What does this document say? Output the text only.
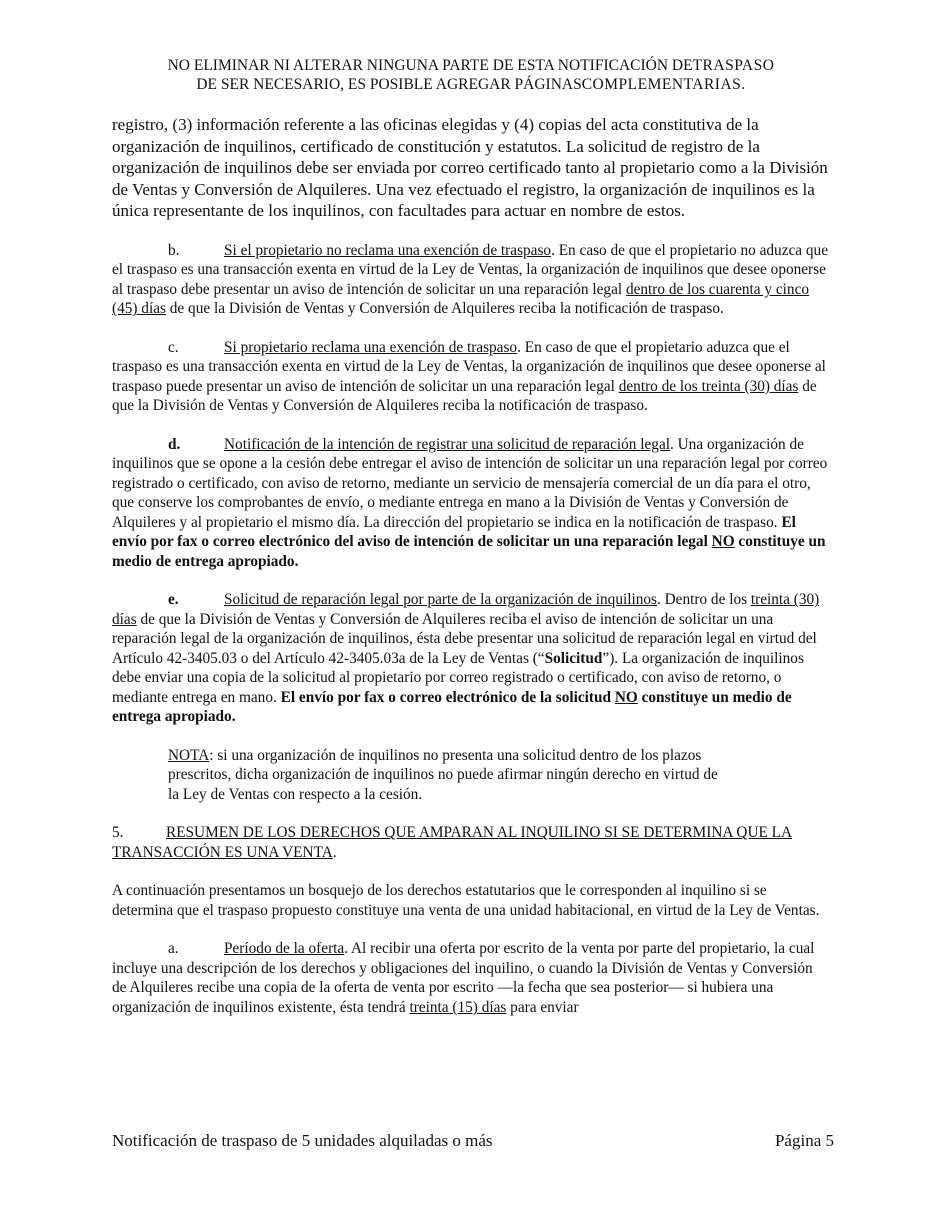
NO ELIMINAR NI ALTERAR NINGUNA PARTE DE ESTA NOTIFICACIÓN DETRASPASO
DE SER NECESARIO, ES POSIBLE AGREGAR PÁGINASCOMPLEMENTARIAS.

registro, (3) información referente a las oficinas elegidas y (4) copias del acta constitutiva de la organización de inquilinos, certificado de constitución y estatutos. La solicitud de registro de la organización de inquilinos debe ser enviada por correo certificado tanto al propietario como a la División de Ventas y Conversión de Alquileres. Una vez efectuado el registro, la organización de inquilinos es la única representante de los inquilinos, con facultades para actuar en nombre de estos.

b.	Si el propietario no reclama una exención de traspaso. En caso de que el propietario no aduzca que el traspaso es una transacción exenta en virtud de la Ley de Ventas, la organización de inquilinos que desee oponerse al traspaso debe presentar un aviso de intención de solicitar un una reparación legal dentro de los cuarenta y cinco (45) días de que la División de Ventas y Conversión de Alquileres reciba la notificación de traspaso.

c.	Si propietario reclama una exención de traspaso. En caso de que el propietario aduzca que el traspaso es una transacción exenta en virtud de la Ley de Ventas, la organización de inquilinos que desee oponerse al traspaso puede presentar un aviso de intención de solicitar un una reparación legal dentro de los treinta (30) días de que la División de Ventas y Conversión de Alquileres reciba la notificación de traspaso.

d.	Notificación de la intención de registrar una solicitud de reparación legal. Una organización de inquilinos que se opone a la cesión debe entregar el aviso de intención de solicitar un una reparación legal por correo registrado o certificado, con aviso de retorno, mediante un servicio de mensajería comercial de un día para el otro, que conserve los comprobantes de envío, o mediante entrega en mano a la División de Ventas y Conversión de Alquileres y al propietario el mismo día. La dirección del propietario se indica en la notificación de traspaso. El envío por fax o correo electrónico del aviso de intención de solicitar un una reparación legal NO constituye un medio de entrega apropiado.

e.	Solicitud de reparación legal por parte de la organización de inquilinos. Dentro de los treinta (30) días de que la División de Ventas y Conversión de Alquileres reciba el aviso de intención de solicitar un una reparación legal de la organización de inquilinos, ésta debe presentar una solicitud de reparación legal en virtud del Artículo 42-3405.03 o del Artículo 42-3405.03a de la Ley de Ventas (“Solicitud”). La organización de inquilinos debe enviar una copia de la solicitud al propietario por correo registrado o certificado, con aviso de retorno, o mediante entrega en mano. El envío por fax o correo electrónico de la solicitud NO constituye un medio de entrega apropiado.

NOTA: si una organización de inquilinos no presenta una solicitud dentro de los plazos prescritos, dicha organización de inquilinos no puede afirmar ningún derecho en virtud de la Ley de Ventas con respecto a la cesión.

5.	RESUMEN DE LOS DERECHOS QUE AMPARAN AL INQUILINO SI SE DETERMINA QUE LA TRANSACCIÓN ES UNA VENTA.

A continuación presentamos un bosquejo de los derechos estatutarios que le corresponden al inquilino si se determina que el traspaso propuesto constituye una venta de una unidad habitacional, en virtud de la Ley de Ventas.

a.	Período de la oferta. Al recibir una oferta por escrito de la venta por parte del propietario, la cual incluye una descripción de los derechos y obligaciones del inquilino, o cuando la División de Ventas y Conversión de Alquileres recibe una copia de la oferta de venta por escrito —la fecha que sea posterior— si hubiera una organización de inquilinos existente, ésta tendrá treinta (15) días para enviar

Notificación de traspaso de 5 unidades alquiladas o más	Página 5
